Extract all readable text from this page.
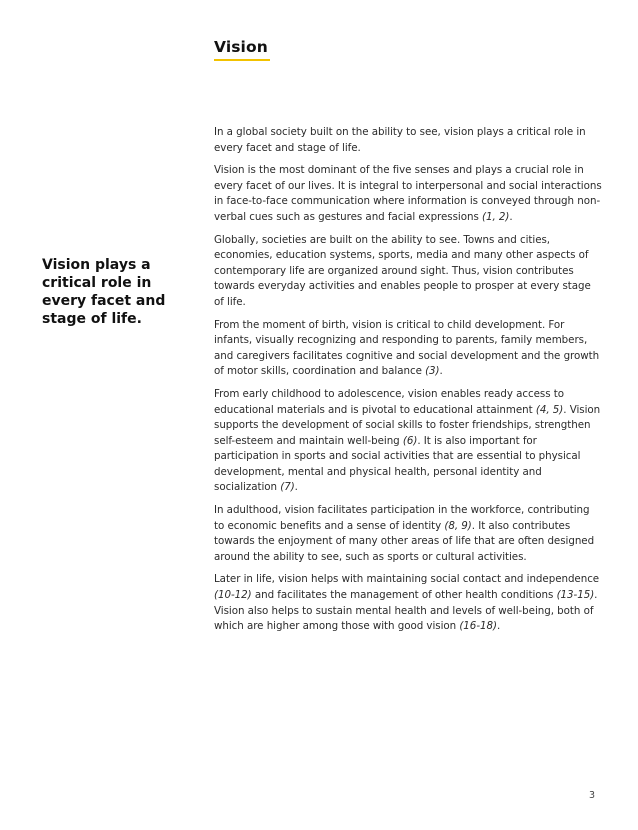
Vision
Vision plays a critical role in every facet and stage of life.

In a global society built on the ability to see, vision plays a critical role in every facet and stage of life.

Vision is the most dominant of the five senses and plays a crucial role in every facet of our lives. It is integral to interpersonal and social interactions in face-to-face communication where information is conveyed through non-verbal cues such as gestures and facial expressions (1, 2).

Globally, societies are built on the ability to see. Towns and cities, economies, education systems, sports, media and many other aspects of contemporary life are organized around sight. Thus, vision contributes towards everyday activities and enables people to prosper at every stage of life.

From the moment of birth, vision is critical to child development. For infants, visually recognizing and responding to parents, family members, and caregivers facilitates cognitive and social development and the growth of motor skills, coordination and balance (3).

From early childhood to adolescence, vision enables ready access to educational materials and is pivotal to educational attainment (4, 5). Vision supports the development of social skills to foster friendships, strengthen self-esteem and maintain well-being (6). It is also important for participation in sports and social activities that are essential to physical development, mental and physical health, personal identity and socialization (7).

In adulthood, vision facilitates participation in the workforce, contributing to economic benefits and a sense of identity (8, 9). It also contributes towards the enjoyment of many other areas of life that are often designed around the ability to see, such as sports or cultural activities.

Later in life, vision helps with maintaining social contact and independence (10-12) and facilitates the management of other health conditions (13-15). Vision also helps to sustain mental health and levels of well-being, both of which are higher among those with good vision (16-18).

3
